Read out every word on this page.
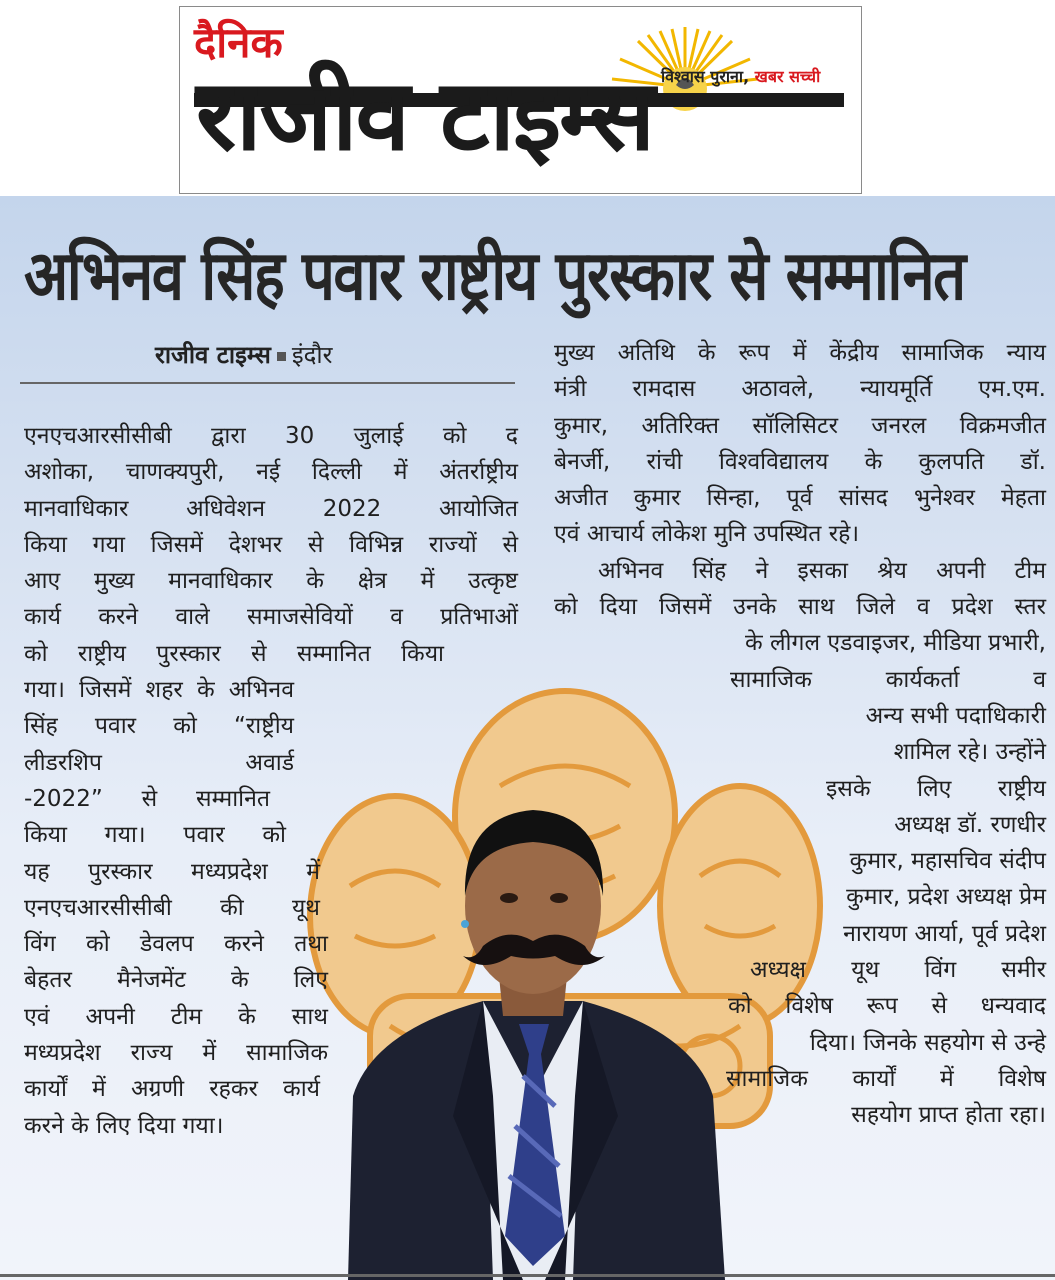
दैनिक
विश्वास पुराना, खबर सच्ची
राजीव टाइम्स
अभिनव सिंह पवार राष्ट्रीय पुरस्कार से सम्मानित
राजीव टाइम्स इंदौर
एनएचआरसीसीबी द्वारा 30 जुलाई को द
अशोका, चाणक्यपुरी, नई दिल्ली में अंतर्राष्ट्रीय
मानवाधिकार अधिवेशन 2022 आयोजित
किया गया जिसमें देशभर से विभिन्न राज्यों से
आए मुख्य मानवाधिकार के क्षेत्र में उत्कृष्ट
कार्य करने वाले समाजसेवियों व प्रतिभाओं
को राष्ट्रीय पुरस्कार से सम्मानित किया
गया। जिसमें शहर के अभिनव
सिंह पवार को “राष्ट्रीय
लीडरशिप अवार्ड
-2022” से सम्मानित
किया गया। पवार को
यह पुरस्कार मध्यप्रदेश में
एनएचआरसीसीबी की यूथ
विंग को डेवलप करने तथा
बेहतर मैनेजमेंट के लिए
एवं अपनी टीम के साथ
मध्यप्रदेश राज्य में सामाजिक
कार्यों में अग्रणी रहकर कार्य
करने के लिए दिया गया।
मुख्य अतिथि के रूप में केंद्रीय सामाजिक न्याय
मंत्री रामदास अठावले, न्यायमूर्ति एम.एम.
कुमार, अतिरिक्त सॉलिसिटर जनरल विक्रमजीत
बेनर्जी, रांची विश्वविद्यालय के कुलपति डॉ.
अजीत कुमार सिन्हा, पूर्व सांसद भुनेश्वर मेहता
एवं आचार्य लोकेश मुनि उपस्थित रहे।
अभिनव सिंह ने इसका श्रेय अपनी टीम
को दिया जिसमें उनके साथ जिले व प्रदेश स्तर
के लीगल एडवाइजर, मीडिया प्रभारी,
सामाजिक कार्यकर्ता व
अन्य सभी पदाधिकारी
शामिल रहे। उन्होंने
इसके लिए राष्ट्रीय
अध्यक्ष डॉ. रणधीर
कुमार, महासचिव संदीप
कुमार, प्रदेश अध्यक्ष प्रेम
नारायण आर्या, पूर्व प्रदेश
अध्यक्ष यूथ विंग समीर
को विशेष रूप से धन्यवाद
दिया। जिनके सहयोग से उन्हे
सामाजिक कार्यों में विशेष
सहयोग प्राप्त होता रहा।
